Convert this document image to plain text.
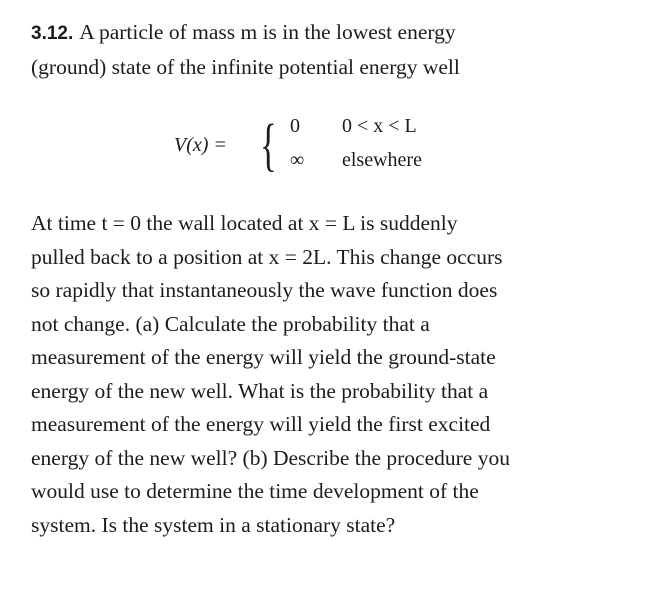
3.12. A particle of mass m is in the lowest energy
(ground) state of the infinite potential energy well
V(x) = { 0 0 < x < L
∞ elsewhere
At time t = 0 the wall located at x = L is suddenly
pulled back to a position at x = 2L. This change occurs
so rapidly that instantaneously the wave function does
not change. (a) Calculate the probability that a
measurement of the energy will yield the ground-state
energy of the new well. What is the probability that a
measurement of the energy will yield the first excited
energy of the new well? (b) Describe the procedure you
would use to determine the time development of the
system. Is the system in a stationary state?
